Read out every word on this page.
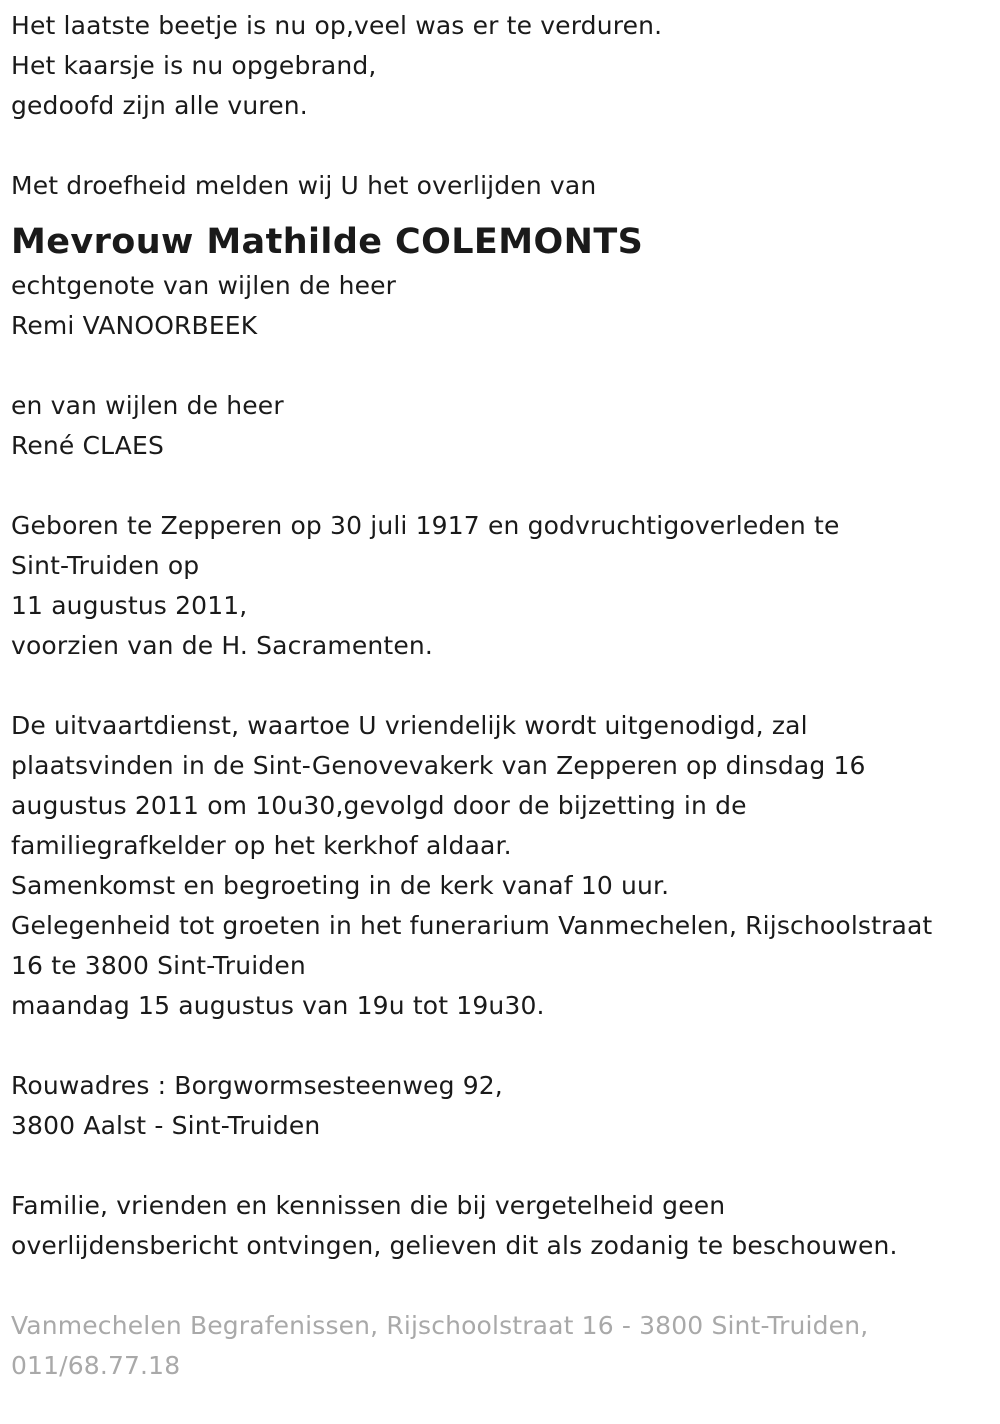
Het laatste beetje is nu op,veel was er te verduren.
Het kaarsje is nu opgebrand,
gedoofd zijn alle vuren.
Met droefheid melden wij U het overlijden van
Mevrouw Mathilde COLEMONTS
echtgenote van wijlen de heer
Remi VANOORBEEK
en van wijlen de heer
René CLAES
Geboren te Zepperen op 30 juli 1917 en godvruchtigoverleden te
Sint-Truiden op
11 augustus 2011,
voorzien van de H. Sacramenten.
De uitvaartdienst, waartoe U vriendelijk wordt uitgenodigd, zal
plaatsvinden in de Sint-Genovevakerk van Zepperen op dinsdag 16
augustus 2011 om 10u30,gevolgd door de bijzetting in de
familiegrafkelder op het kerkhof aldaar.
Samenkomst en begroeting in de kerk vanaf 10 uur.
Gelegenheid tot groeten in het funerarium Vanmechelen, Rijschoolstraat
16 te 3800 Sint-Truiden
maandag 15 augustus van 19u tot 19u30.
Rouwadres : Borgwormsesteenweg 92,
3800 Aalst - Sint-Truiden
Familie, vrienden en kennissen die bij vergetelheid geen
overlijdensbericht ontvingen, gelieven dit als zodanig te beschouwen.
Vanmechelen Begrafenissen, Rijschoolstraat 16 - 3800 Sint-Truiden,
011/68.77.18
